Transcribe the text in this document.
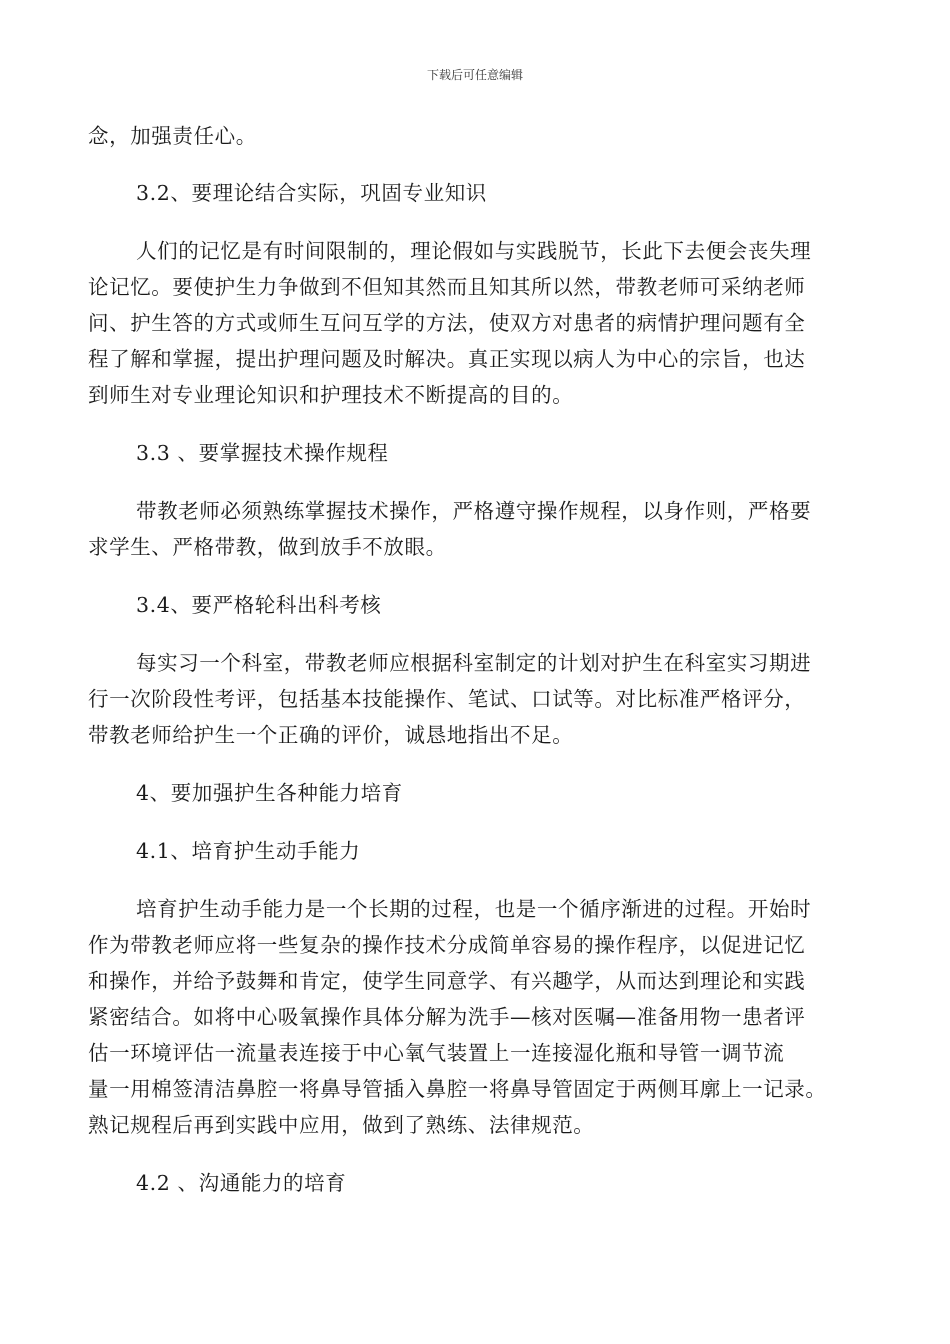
下载后可任意编辑
念，加强责任心。
3.2、要理论结合实际，巩固专业知识
人们的记忆是有时间限制的，理论假如与实践脱节，长此下去便会丧失理
论记忆。要使护生力争做到不但知其然而且知其所以然，带教老师可采纳老师
问、护生答的方式或师生互问互学的方法，使双方对患者的病情护理问题有全
程了解和掌握，提出护理问题及时解决。真正实现以病人为中心的宗旨，也达
到师生对专业理论知识和护理技术不断提高的目的。
3.3 、要掌握技术操作规程
带教老师必须熟练掌握技术操作，严格遵守操作规程，以身作则，严格要
求学生、严格带教，做到放手不放眼。
3.4、要严格轮科出科考核
每实习一个科室，带教老师应根据科室制定的计划对护生在科室实习期进
行一次阶段性考评，包括基本技能操作、笔试、口试等。对比标准严格评分，
带教老师给护生一个正确的评价，诚恳地指出不足。
4、要加强护生各种能力培育
4.1、培育护生动手能力
培育护生动手能力是一个长期的过程，也是一个循序渐进的过程。开始时
作为带教老师应将一些复杂的操作技术分成简单容易的操作程序，以促进记忆
和操作，并给予鼓舞和肯定，使学生同意学、有兴趣学，从而达到理论和实践
紧密结合。如将中心吸氧操作具体分解为洗手—核对医嘱—准备用物一患者评
估一环境评估一流量表连接于中心氧气装置上一连接湿化瓶和导管一调节流
量一用棉签清洁鼻腔一将鼻导管插入鼻腔一将鼻导管固定于两侧耳廓上一记录。
熟记规程后再到实践中应用，做到了熟练、法律规范。
4.2 、沟通能力的培育
